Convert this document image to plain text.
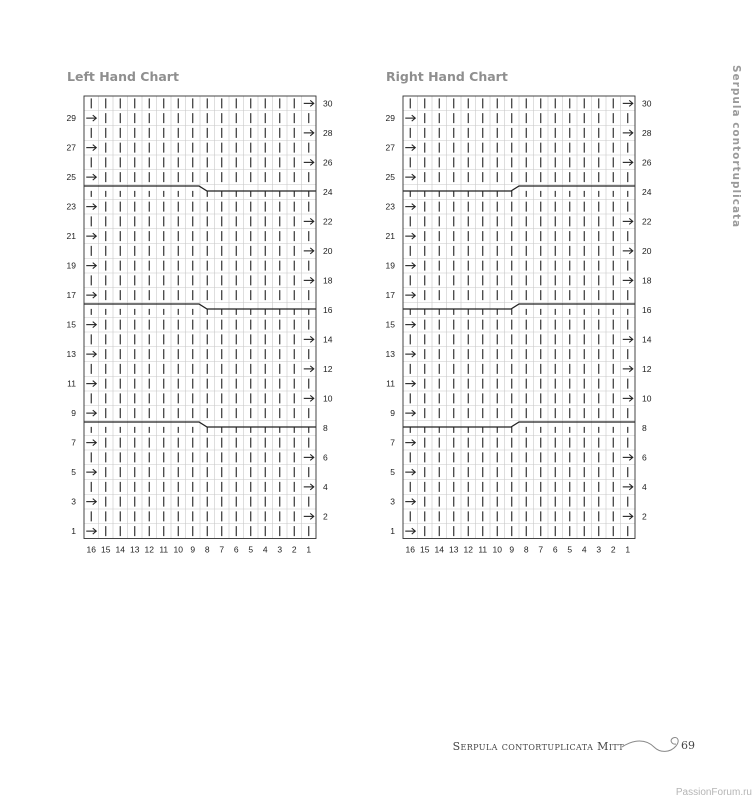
Left Hand Chart	Right Hand Chart
29
27
25
23
21
19
17
15
13
11
9
7
5
3
1
30
28
26
24
22
20
18
16
14
12
10
8
6
4
2
16 15 14 13 12 11 10 9 8 7 6 5 4 3 2 1
29
27
25
23
21
19
17
15
13
11
9
7
5
3
1
30
28
26
24
22
20
18
16
14
12
10
8
6
4
2
16 15 14 13 12 11 10 9 8 7 6 5 4 3 2 1
Serpula contortuplicata
Serpula contortuplicata Mitt	69
PassionForum.ru
